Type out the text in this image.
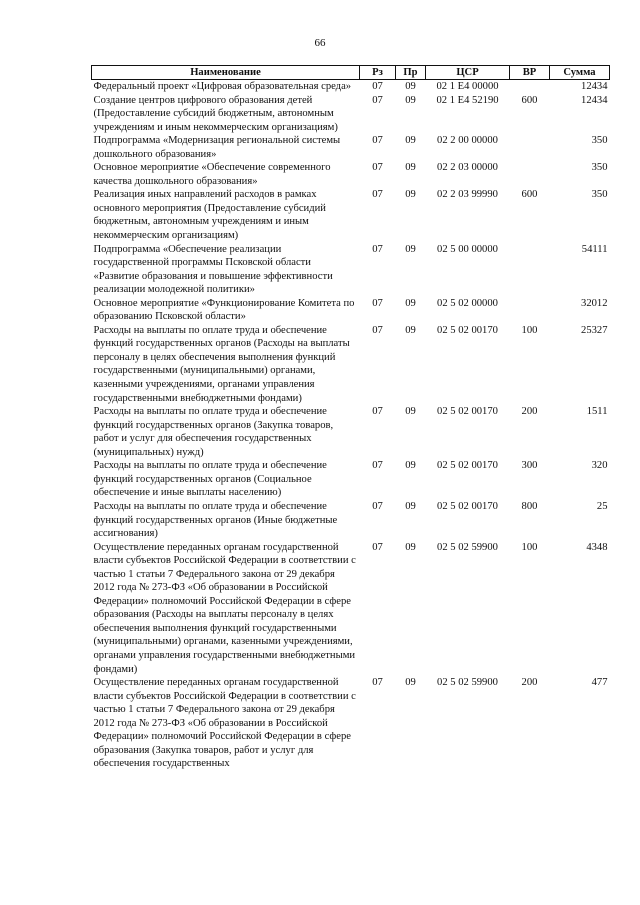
66
Наименование	Рз	Пр	ЦСР	ВР	Сумма
Федеральный проект «Цифровая образовательная среда»	07	09	02 1 Е4 00000		12434
Создание центров цифрового образования детей (Предоставление субсидий бюджетным, автономным учреждениям и иным некоммерческим организациям)	07	09	02 1 Е4 52190	600	12434
Подпрограмма «Модернизация региональной системы дошкольного образования»	07	09	02 2 00 00000		350
Основное мероприятие «Обеспечение современного качества дошкольного образования»	07	09	02 2 03 00000		350
Реализация иных направлений расходов в рамках основного мероприятия (Предоставление субсидий бюджетным, автономным учреждениям и иным некоммерческим организациям)	07	09	02 2 03 99990	600	350
Подпрограмма «Обеспечение реализации государственной программы Псковской области «Развитие образования и повышение эффективности реализации молодежной политики»	07	09	02 5 00 00000		54111
Основное мероприятие «Функционирование Комитета по образованию Псковской области»	07	09	02 5 02 00000		32012
Расходы на выплаты по оплате труда и обеспечение функций государственных органов (Расходы на выплаты персоналу в целях обеспечения выполнения функций государственными (муниципальными) органами, казенными учреждениями, органами управления государственными внебюджетными фондами)	07	09	02 5 02 00170	100	25327
Расходы на выплаты по оплате труда и обеспечение функций государственных органов (Закупка товаров, работ и услуг для обеспечения государственных (муниципальных) нужд)	07	09	02 5 02 00170	200	1511
Расходы на выплаты по оплате труда и обеспечение функций государственных органов (Социальное обеспечение и иные выплаты населению)	07	09	02 5 02 00170	300	320
Расходы на выплаты по оплате труда и обеспечение функций государственных органов (Иные бюджетные ассигнования)	07	09	02 5 02 00170	800	25
Осуществление переданных органам государственной власти субъектов Российской Федерации в соответствии с частью 1 статьи 7 Федерального закона от 29 декабря 2012 года № 273-ФЗ «Об образовании в Российской Федерации» полномочий Российской Федерации в сфере образования (Расходы на выплаты персоналу в целях обеспечения выполнения функций государственными (муниципальными) органами, казенными учреждениями, органами управления государственными внебюджетными фондами)	07	09	02 5 02 59900	100	4348
Осуществление переданных органам государственной власти субъектов Российской Федерации в соответствии с частью 1 статьи 7 Федерального закона от 29 декабря 2012 года № 273-ФЗ «Об образовании в Российской Федерации» полномочий Российской Федерации в сфере образования (Закупка товаров, работ и услуг для обеспечения государственных	07	09	02 5 02 59900	200	477
